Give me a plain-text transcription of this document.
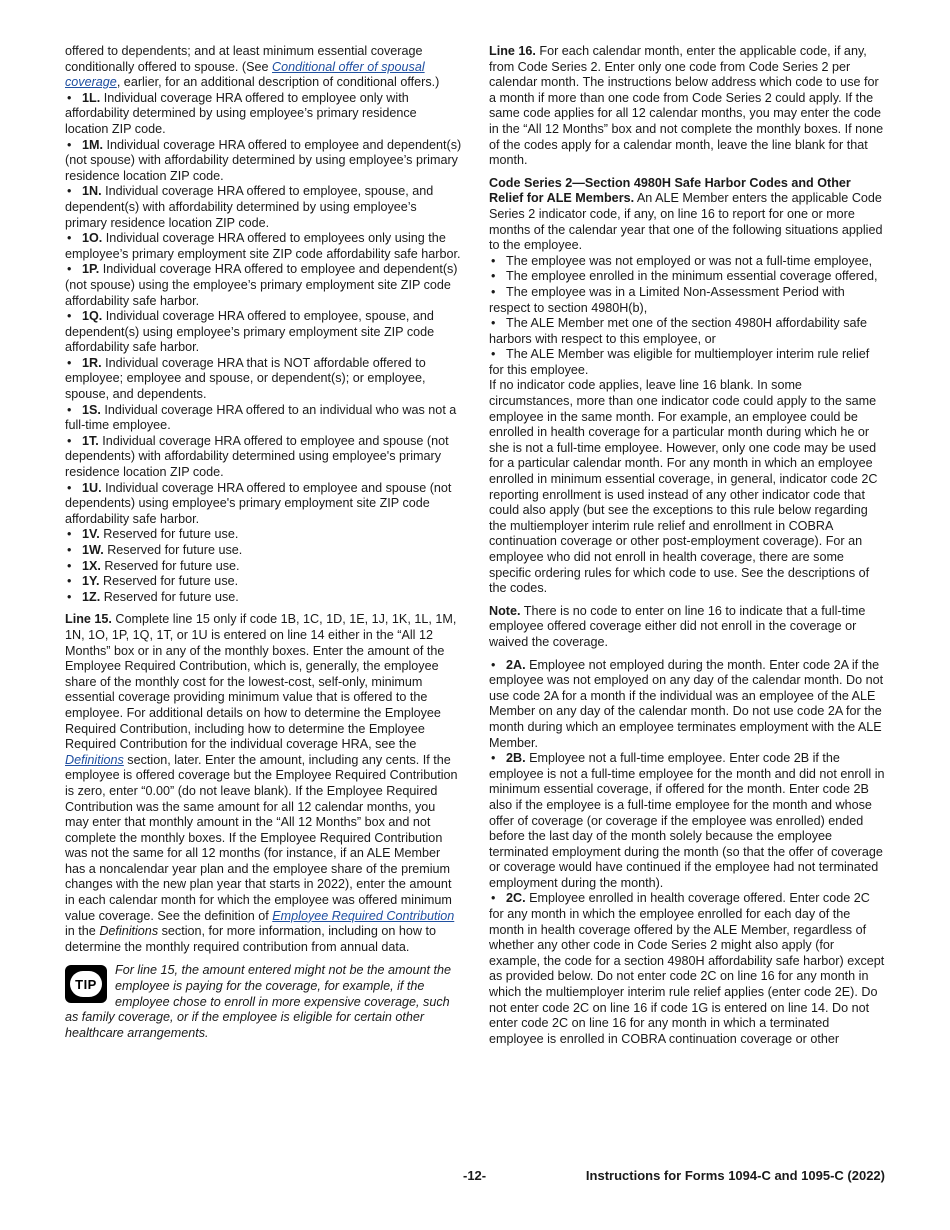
offered to dependents; and at least minimum essential coverage conditionally offered to spouse. (See Conditional offer of spousal coverage, earlier, for an additional description of conditional offers.)

• 1L. Individual coverage HRA offered to employee only with affordability determined by using employee’s primary residence location ZIP code.

• 1M. Individual coverage HRA offered to employee and dependent(s) (not spouse) with affordability determined by using employee’s primary residence location ZIP code.

• 1N. Individual coverage HRA offered to employee, spouse, and dependent(s) with affordability determined by using employee’s primary residence location ZIP code.

• 1O. Individual coverage HRA offered to employees only using the employee’s primary employment site ZIP code affordability safe harbor.

• 1P. Individual coverage HRA offered to employee and dependent(s) (not spouse) using the employee’s primary employment site ZIP code affordability safe harbor.

• 1Q. Individual coverage HRA offered to employee, spouse, and dependent(s) using employee’s primary employment site ZIP code affordability safe harbor.

• 1R. Individual coverage HRA that is NOT affordable offered to employee; employee and spouse, or dependent(s); or employee, spouse, and dependents.

• 1S. Individual coverage HRA offered to an individual who was not a full-time employee.

• 1T. Individual coverage HRA offered to employee and spouse (not dependents) with affordability determined using employee's primary residence location ZIP code.

• 1U. Individual coverage HRA offered to employee and spouse (not dependents) using employee's primary employment site ZIP code affordability safe harbor.

• 1V. Reserved for future use.

• 1W. Reserved for future use.

• 1X. Reserved for future use.

• 1Y. Reserved for future use.

• 1Z. Reserved for future use.

Line 15. Complete line 15 only if code 1B, 1C, 1D, 1E, 1J, 1K, 1L, 1M, 1N, 1O, 1P, 1Q, 1T, or 1U is entered on line 14 either in the “All 12 Months” box or in any of the monthly boxes. Enter the amount of the Employee Required Contribution, which is, generally, the employee share of the monthly cost for the lowest-cost, self-only, minimum essential coverage providing minimum value that is offered to the employee. For additional details on how to determine the Employee Required Contribution, including how to determine the Employee Required Contribution for the individual coverage HRA, see the Definitions section, later. Enter the amount, including any cents. If the employee is offered coverage but the Employee Required Contribution is zero, enter “0.00” (do not leave blank). If the Employee Required Contribution was the same amount for all 12 calendar months, you may enter that monthly amount in the “All 12 Months” box and not complete the monthly boxes. If the Employee Required Contribution was not the same for all 12 months (for instance, if an ALE Member has a noncalendar year plan and the employee share of the premium changes with the new plan year that starts in 2022), enter the amount in each calendar month for which the employee was offered minimum value coverage. See the definition of Employee Required Contribution in the Definitions section, for more information, including on how to determine the monthly required contribution from annual data.

TIP
For line 15, the amount entered might not be the amount the employee is paying for the coverage, for example, if the employee chose to enroll in more expensive coverage, such as family coverage, or if the employee is eligible for certain other healthcare arrangements.

Line 16. For each calendar month, enter the applicable code, if any, from Code Series 2. Enter only one code from Code Series 2 per calendar month. The instructions below address which code to use for a month if more than one code from Code Series 2 could apply. If the same code applies for all 12 calendar months, you may enter the code in the “All 12 Months” box and not complete the monthly boxes. If none of the codes apply for a calendar month, leave the line blank for that month.

Code Series 2—Section 4980H Safe Harbor Codes and Other Relief for ALE Members. An ALE Member enters the applicable Code Series 2 indicator code, if any, on line 16 to report for one or more months of the calendar year that one of the following situations applied to the employee.

• The employee was not employed or was not a full-time employee,

• The employee enrolled in the minimum essential coverage offered,

• The employee was in a Limited Non-Assessment Period with respect to section 4980H(b),

• The ALE Member met one of the section 4980H affordability safe harbors with respect to this employee, or

• The ALE Member was eligible for multiemployer interim rule relief for this employee.

If no indicator code applies, leave line 16 blank. In some circumstances, more than one indicator code could apply to the same employee in the same month. For example, an employee could be enrolled in health coverage for a particular month during which he or she is not a full-time employee. However, only one code may be used for a particular calendar month. For any month in which an employee enrolled in minimum essential coverage, in general, indicator code 2C reporting enrollment is used instead of any other indicator code that could also apply (but see the exceptions to this rule below regarding the multiemployer interim rule relief and enrollment in COBRA continuation coverage or other post-employment coverage). For an employee who did not enroll in health coverage, there are some specific ordering rules for which code to use. See the descriptions of the codes.

Note. There is no code to enter on line 16 to indicate that a full-time employee offered coverage either did not enroll in the coverage or waived the coverage.

• 2A. Employee not employed during the month. Enter code 2A if the employee was not employed on any day of the calendar month. Do not use code 2A for a month if the individual was an employee of the ALE Member on any day of the calendar month. Do not use code 2A for the month during which an employee terminates employment with the ALE Member.

• 2B. Employee not a full-time employee. Enter code 2B if the employee is not a full-time employee for the month and did not enroll in minimum essential coverage, if offered for the month. Enter code 2B also if the employee is a full-time employee for the month and whose offer of coverage (or coverage if the employee was enrolled) ended before the last day of the month solely because the employee terminated employment during the month (so that the offer of coverage or coverage would have continued if the employee had not terminated employment during the month).

• 2C. Employee enrolled in health coverage offered. Enter code 2C for any month in which the employee enrolled for each day of the month in health coverage offered by the ALE Member, regardless of whether any other code in Code Series 2 might also apply (for example, the code for a section 4980H affordability safe harbor) except as provided below. Do not enter code 2C on line 16 for any month in which the multiemployer interim rule relief applies (enter code 2E). Do not enter code 2C on line 16 if code 1G is entered on line 14. Do not enter code 2C on line 16 for any month in which a terminated employee is enrolled in COBRA continuation coverage or other

-12-	Instructions for Forms 1094-C and 1095-C (2022)
